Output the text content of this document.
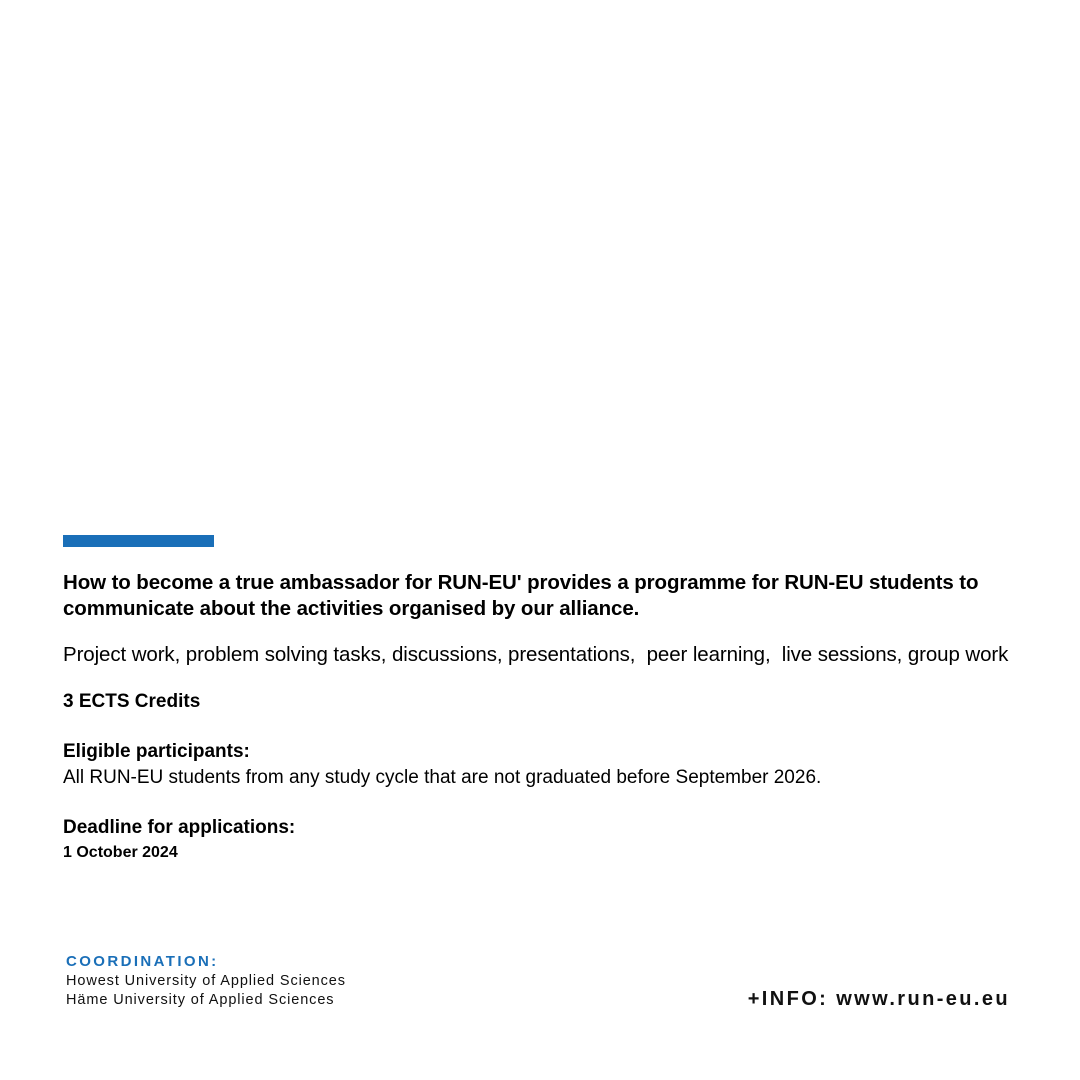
How to become a true ambassador for RUN-EU' provides a programme for RUN-EU students to communicate about the activities organised by our alliance.

Project work, problem solving tasks, discussions, presentations,  peer learning,  live sessions, group work

3 ECTS Credits

Eligible participants:

All RUN-EU students from any study cycle that are not graduated before September 2026.

Deadline for applications:

1 October 2024

COORDINATION:
Howest University of Applied Sciences
Häme University of Applied Sciences	+INFO: www.run-eu.eu
